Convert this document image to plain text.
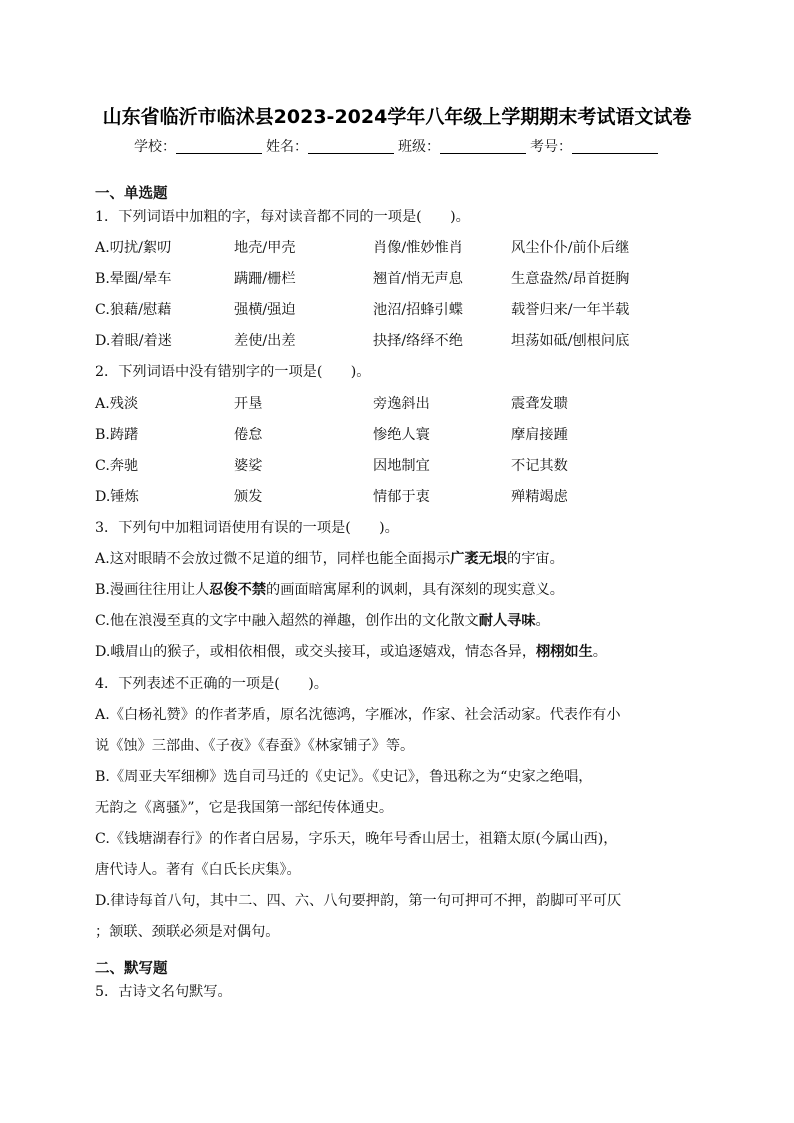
山东省临沂市临沭县2023-2024学年八年级上学期期末考试语文试卷
学校：	姓名：	班级：	考号：
一、单选题
1．下列词语中加粗的字，每对读音都不同的一项是(　　)。
A.叨扰/絮叨	地壳/甲壳	肖像/惟妙惟肖	风尘仆仆/前仆后继
B.晕圈/晕车	蹒跚/栅栏	翘首/悄无声息	生意盎然/昂首挺胸
C.狼藉/慰藉	强横/强迫	池沼/招蜂引蝶	载誉归来/一年半载
D.着眼/着迷	差使/出差	抉择/络绎不绝	坦荡如砥/刨根问底
2．下列词语中没有错别字的一项是(　　)。
A.残淡	开垦	旁逸斜出	震聋发聩
B.踌躇	倦怠	惨绝人寰	摩肩接踵
C.奔驰	婆娑	因地制宜	不记其数
D.锤炼	颁发	情郁于衷	殚精竭虑
3．下列句中加粗词语使用有误的一项是(　　)。
A.这对眼睛不会放过微不足道的细节，同样也能全面揭示广袤无垠的宇宙。
B.漫画往往用让人忍俊不禁的画面暗寓犀利的讽刺，具有深刻的现实意义。
C.他在浪漫至真的文字中融入超然的禅趣，创作出的文化散文耐人寻味。
D.峨眉山的猴子，或相依相偎，或交头接耳，或追逐嬉戏，情态各异，栩栩如生。
4．下列表述不正确的一项是(　　)。
A.《白杨礼赞》的作者茅盾，原名沈德鸿，字雁冰，作家、社会活动家。代表作有小
说《蚀》三部曲、《子夜》《春蚕》《林家铺子》等。
B.《周亚夫军细柳》选自司马迁的《史记》。《史记》，鲁迅称之为“史家之绝唱，
无韵之《离骚》”，它是我国第一部纪传体通史。
C.《钱塘湖春行》的作者白居易，字乐天，晚年号香山居士，祖籍太原(今属山西)，
唐代诗人。著有《白氏长庆集》。
D.律诗每首八句，其中二、四、六、八句要押韵，第一句可押可不押，韵脚可平可仄
；颔联、颈联必须是对偶句。
二、默写题
5．古诗文名句默写。
